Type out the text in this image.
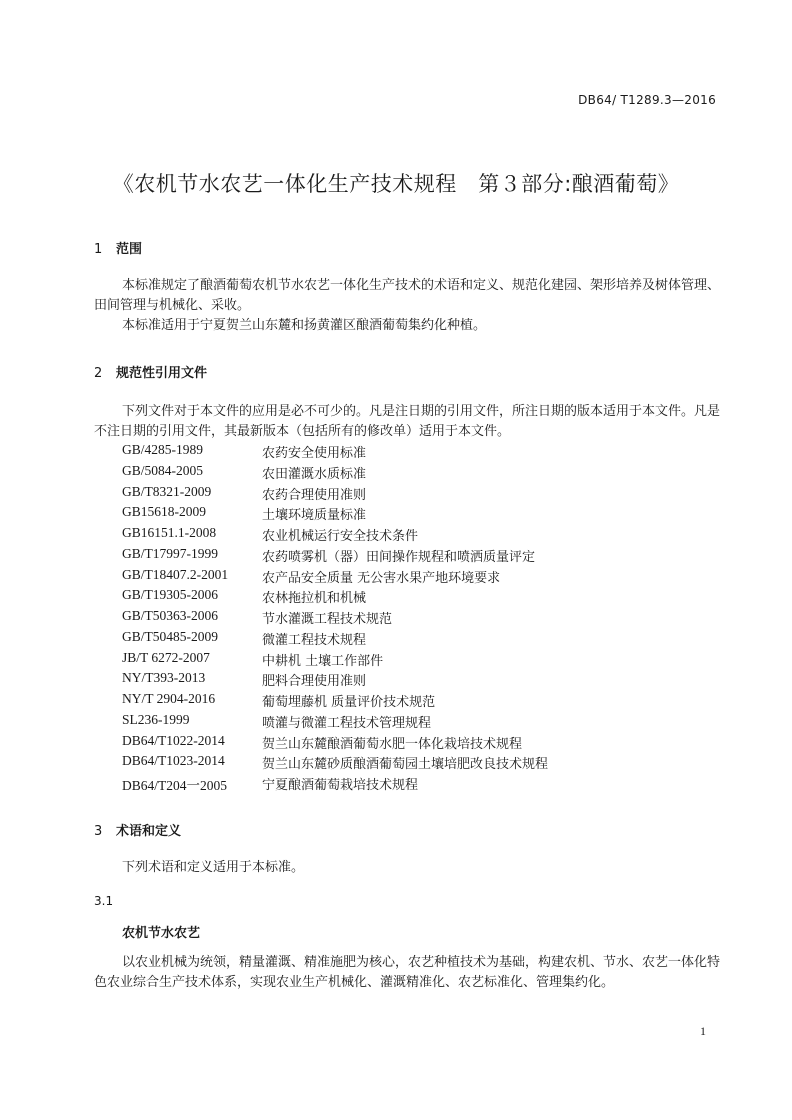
DB64/ T1289.3—2016
《农机节水农艺一体化生产技术规程　第３部分:酿酒葡萄》
1 范围

本标准规定了酿酒葡萄农机节水农艺一体化生产技术的术语和定义、规范化建园、架形培养及树体管理、田间管理与机械化、采收。

本标准适用于宁夏贺兰山东麓和扬黄灌区酿酒葡萄集约化种植。

2 规范性引用文件

下列文件对于本文件的应用是必不可少的。凡是注日期的引用文件，所注日期的版本适用于本文件。凡是不注日期的引用文件，其最新版本（包括所有的修改单）适用于本文件。

GB/4285-1989	农药安全使用标准
GB/5084-2005	农田灌溉水质标准
GB/T8321-2009	农药合理使用准则
GB15618-2009	土壤环境质量标准
GB16151.1-2008	农业机械运行安全技术条件
GB/T17997-1999	农药喷雾机（器）田间操作规程和喷洒质量评定
GB/T18407.2-2001	农产品安全质量 无公害水果产地环境要求
GB/T19305-2006	农林拖拉机和机械
GB/T50363-2006	节水灌溉工程技术规范
GB/T50485-2009	微灌工程技术规程
JB/T 6272-2007	中耕机 土壤工作部件
NY/T393-2013	肥料合理使用准则
NY/T 2904-2016	葡萄埋藤机 质量评价技术规范
SL236-1999	喷灌与微灌工程技术管理规程
DB64/T1022-2014	贺兰山东麓酿酒葡萄水肥一体化栽培技术规程
DB64/T1023-2014	贺兰山东麓砂质酿酒葡萄园土壤培肥改良技术规程
DB64/T204一2005	宁夏酿酒葡萄栽培技术规程
3 术语和定义

下列术语和定义适用于本标准。

3.1
农机节水农艺

以农业机械为统领，精量灌溉、精准施肥为核心，农艺种植技术为基础，构建农机、节水、农艺一体化特色农业综合生产技术体系，实现农业生产机械化、灌溉精准化、农艺标准化、管理集约化。

1
